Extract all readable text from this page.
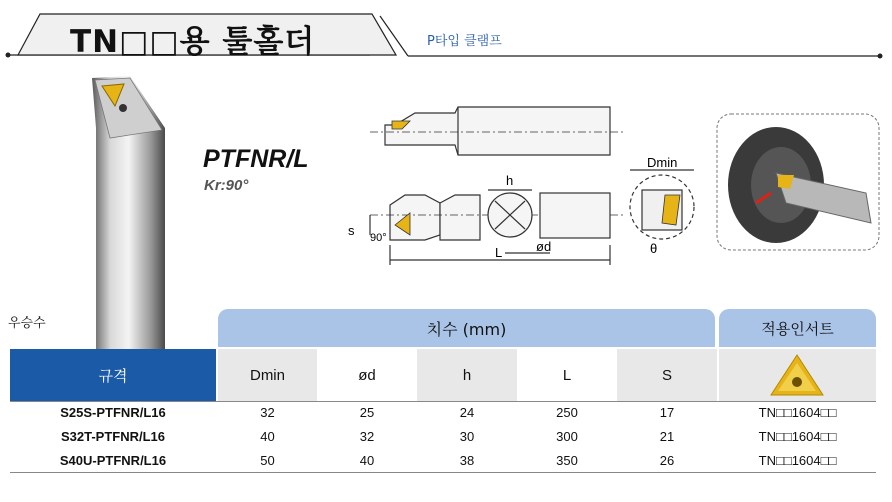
TN□□용 툴홀더	P타입 클램프
PTFNR/L
Kr:90°	h
s 90°
ød
L
Dmin
θ
우승수	치수 (mm)	적용인서트
규격	Dmin	ød	h	L	S
S25S-PTFNR/L16	32	25	24	250	17	TN□□1604□□
S32T-PTFNR/L16	40	32	30	300	21	TN□□1604□□
S40U-PTFNR/L16	50	40	38	350	26	TN□□1604□□
